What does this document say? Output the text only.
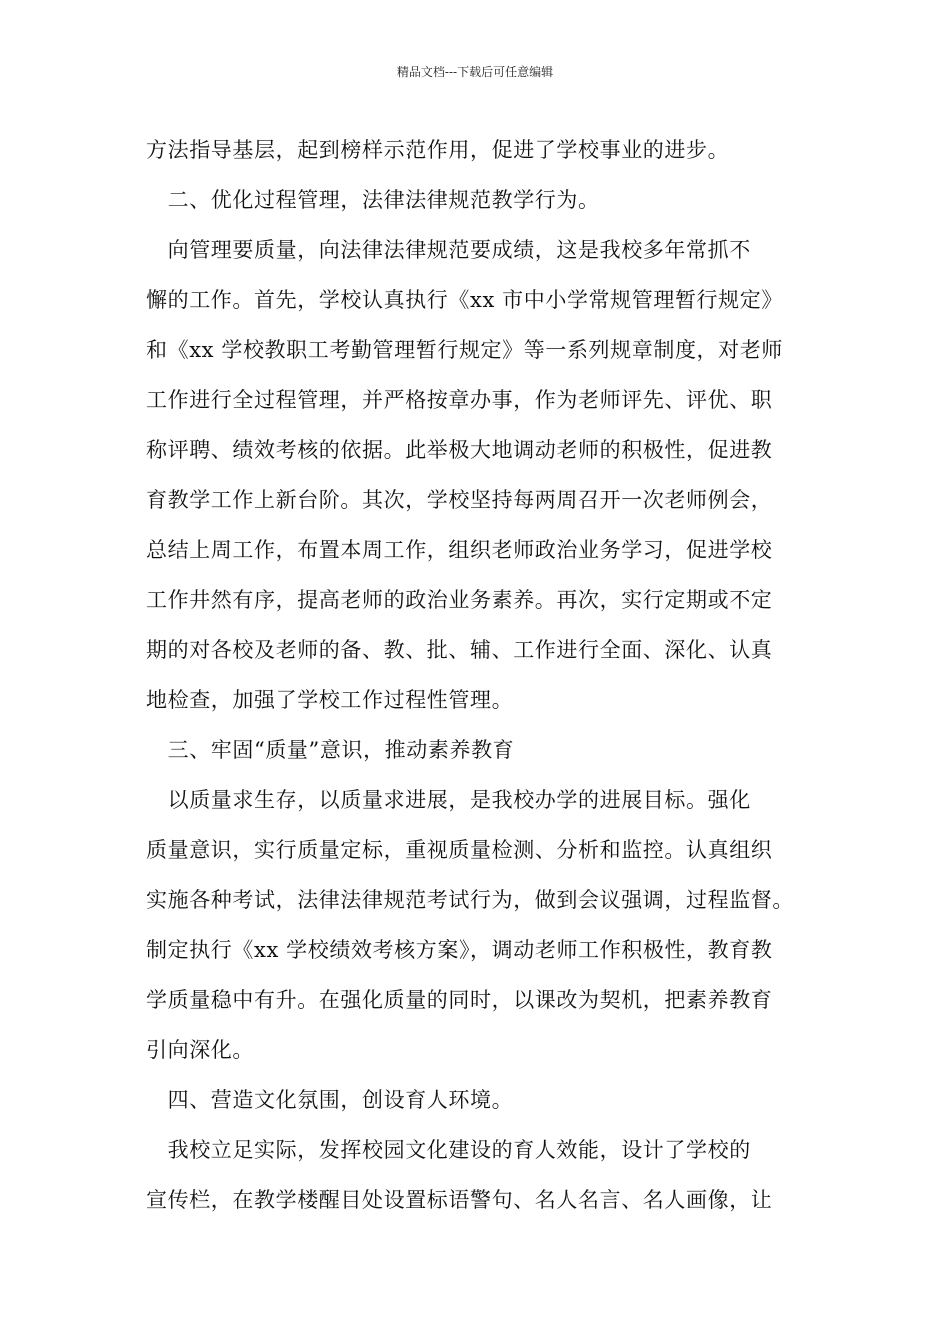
精品文档---下载后可任意编辑
方法指导基层，起到榜样示范作用，促进了学校事业的进步。
　二、优化过程管理，法律法律规范教学行为。
　向管理要质量，向法律法律规范要成绩，这是我校多年常抓不
懈的工作。首先，学校认真执行《xx 市中小学常规管理暂行规定》
和《xx 学校教职工考勤管理暂行规定》等一系列规章制度，对老师
工作进行全过程管理，并严格按章办事，作为老师评先、评优、职
称评聘、绩效考核的依据。此举极大地调动老师的积极性，促进教
育教学工作上新台阶。其次，学校坚持每两周召开一次老师例会，
总结上周工作，布置本周工作，组织老师政治业务学习，促进学校
工作井然有序，提高老师的政治业务素养。再次，实行定期或不定
期的对各校及老师的备、教、批、辅、工作进行全面、深化、认真
地检查，加强了学校工作过程性管理。
　三、牢固“质量”意识，推动素养教育
　以质量求生存，以质量求进展，是我校办学的进展目标。强化
质量意识，实行质量定标，重视质量检测、分析和监控。认真组织
实施各种考试，法律法律规范考试行为，做到会议强调，过程监督。
制定执行《xx 学校绩效考核方案》，调动老师工作积极性，教育教
学质量稳中有升。在强化质量的同时，以课改为契机，把素养教育
引向深化。
　四、营造文化氛围，创设育人环境。
　我校立足实际，发挥校园文化建设的育人效能，设计了学校的
宣传栏，在教学楼醒目处设置标语警句、名人名言、名人画像，让
